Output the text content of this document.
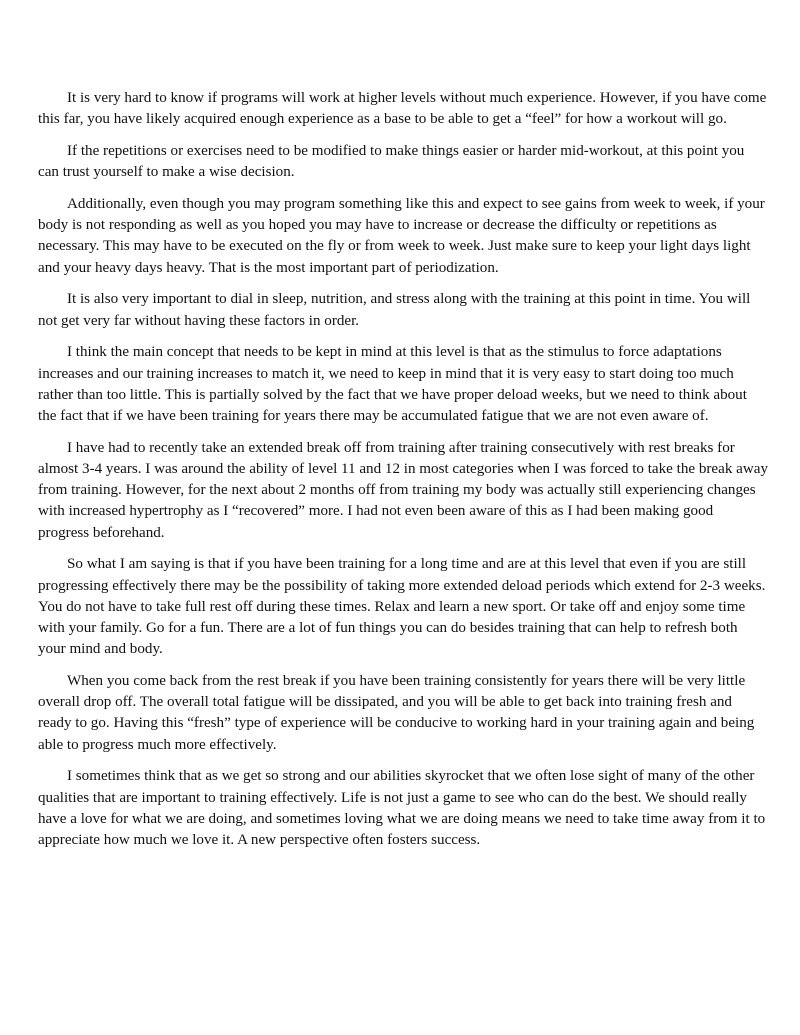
It is very hard to know if programs will work at higher levels without much experience. However, if you have come this far, you have likely acquired enough experience as a base to be able to get a “feel” for how a workout will go.

If the repetitions or exercises need to be modified to make things easier or harder mid-workout, at this point you can trust yourself to make a wise decision.

Additionally, even though you may program something like this and expect to see gains from week to week, if your body is not responding as well as you hoped you may have to increase or decrease the difficulty or repetitions as necessary. This may have to be executed on the fly or from week to week. Just make sure to keep your light days light and your heavy days heavy. That is the most important part of periodization.

It is also very important to dial in sleep, nutrition, and stress along with the training at this point in time. You will not get very far without having these factors in order.

I think the main concept that needs to be kept in mind at this level is that as the stimulus to force adaptations increases and our training increases to match it, we need to keep in mind that it is very easy to start doing too much rather than too little. This is partially solved by the fact that we have proper deload weeks, but we need to think about the fact that if we have been training for years there may be accumulated fatigue that we are not even aware of.

I have had to recently take an extended break off from training after training consecutively with rest breaks for almost 3-4 years. I was around the ability of level 11 and 12 in most categories when I was forced to take the break away from training. However, for the next about 2 months off from training my body was actually still experiencing changes with increased hypertrophy as I “recovered” more. I had not even been aware of this as I had been making good progress beforehand.

So what I am saying is that if you have been training for a long time and are at this level that even if you are still progressing effectively there may be the possibility of taking more extended deload periods which extend for 2-3 weeks. You do not have to take full rest off during these times. Relax and learn a new sport. Or take off and enjoy some time with your family. Go for a fun. There are a lot of fun things you can do besides training that can help to refresh both your mind and body.

When you come back from the rest break if you have been training consistently for years there will be very little overall drop off. The overall total fatigue will be dissipated, and you will be able to get back into training fresh and ready to go. Having this “fresh” type of experience will be conducive to working hard in your training again and being able to progress much more effectively.

I sometimes think that as we get so strong and our abilities skyrocket that we often lose sight of many of the other qualities that are important to training effectively. Life is not just a game to see who can do the best. We should really have a love for what we are doing, and sometimes loving what we are doing means we need to take time away from it to appreciate how much we love it. A new perspective often fosters success.
